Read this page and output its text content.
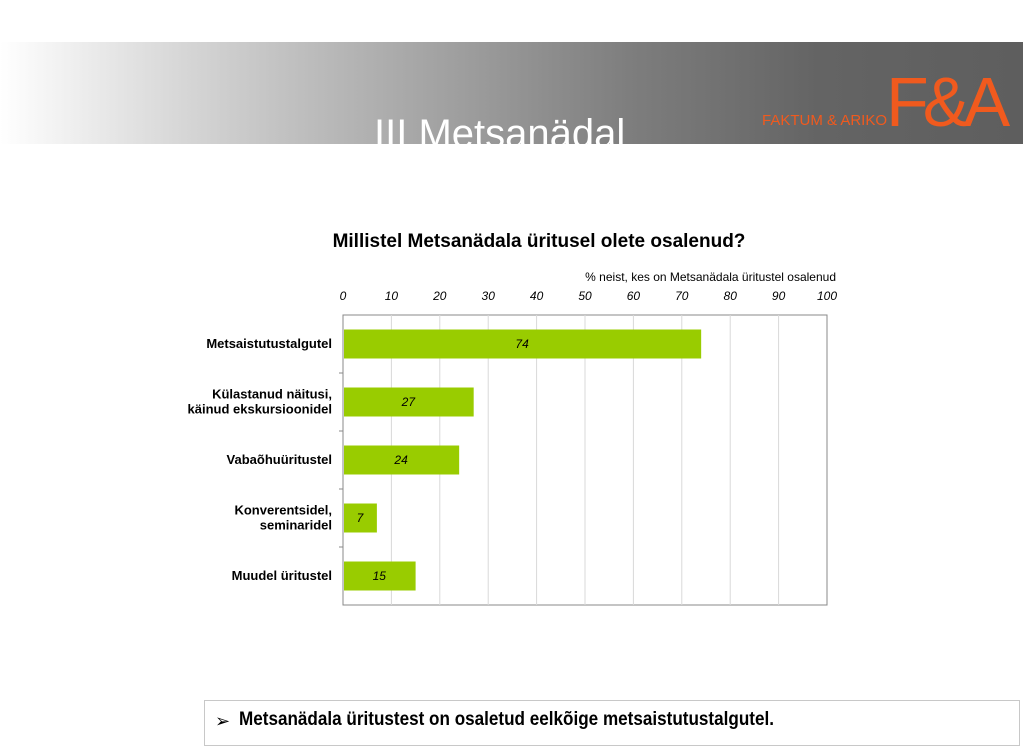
III Metsanädal	FAKTUM & ARIKO
F&A
Millistel Metsanädala üritusel olete osalenud?
% neist, kes on Metsanädala üritustel osalenud
0	10	20	30	40	50	60	70	80	90	100
74
27
24
7
15
Metsaistutustalgutel
Külastanud näitusi, käinud ekskursioonidel
Vabaõhuüritustel
Konverentsidel, seminaridel
Muudel üritustel
➢ Metsanädala üritustest on osaletud eelkõige metsaistutustalgutel.
